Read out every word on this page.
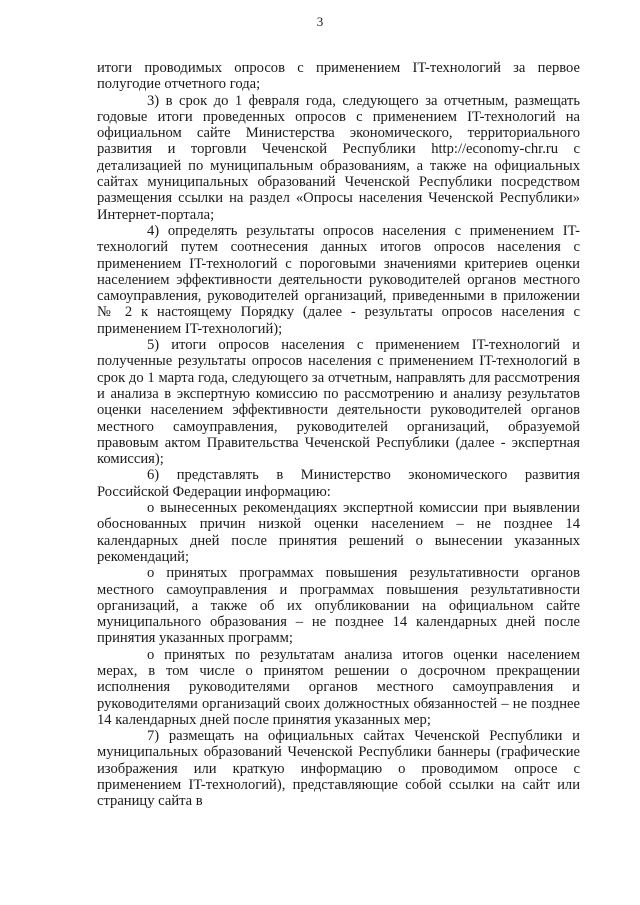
3

итоги проводимых опросов с применением IT-технологий за первое полугодие отчетного года;

3) в срок до 1 февраля года, следующего за отчетным, размещать годовые итоги проведенных опросов с применением IT-технологий на официальном сайте Министерства экономического, территориального развития и торговли Чеченской Республики http://economy-chr.ru с детализацией по муниципальным образованиям, а также на официальных сайтах муниципальных образований Чеченской Республики посредством размещения ссылки на раздел «Опросы населения Чеченской Республики» Интернет-портала;

4) определять результаты опросов населения с применением IT-технологий путем соотнесения данных итогов опросов населения с применением IT-технологий с пороговыми значениями критериев оценки населением эффективности деятельности руководителей органов местного самоуправления, руководителей организаций, приведенными в приложении № 2 к настоящему Порядку (далее - результаты опросов населения с применением IT-технологий);

5) итоги опросов населения с применением IT-технологий и полученные результаты опросов населения с применением IT-технологий в срок до 1 марта года, следующего за отчетным, направлять для рассмотрения и анализа в экспертную комиссию по рассмотрению и анализу результатов оценки населением эффективности деятельности руководителей органов местного самоуправления, руководителей организаций, образуемой правовым актом Правительства Чеченской Республики (далее - экспертная комиссия);

6) представлять в Министерство экономического развития Российской Федерации информацию:

о вынесенных рекомендациях экспертной комиссии при выявлении обоснованных причин низкой оценки населением – не позднее 14 календарных дней после принятия решений о вынесении указанных рекомендаций;

о принятых программах повышения результативности органов местного самоуправления и программах повышения результативности организаций, а также об их опубликовании на официальном сайте муниципального образования – не позднее 14 календарных дней после принятия указанных программ;

о принятых по результатам анализа итогов оценки населением мерах, в том числе о принятом решении о досрочном прекращении исполнения руководителями органов местного самоуправления и руководителями организаций своих должностных обязанностей – не позднее 14 календарных дней после принятия указанных мер;

7) размещать на официальных сайтах Чеченской Республики и муниципальных образований Чеченской Республики баннеры (графические изображения или краткую информацию о проводимом опросе с применением IT-технологий), представляющие собой ссылки на сайт или страницу сайта в
